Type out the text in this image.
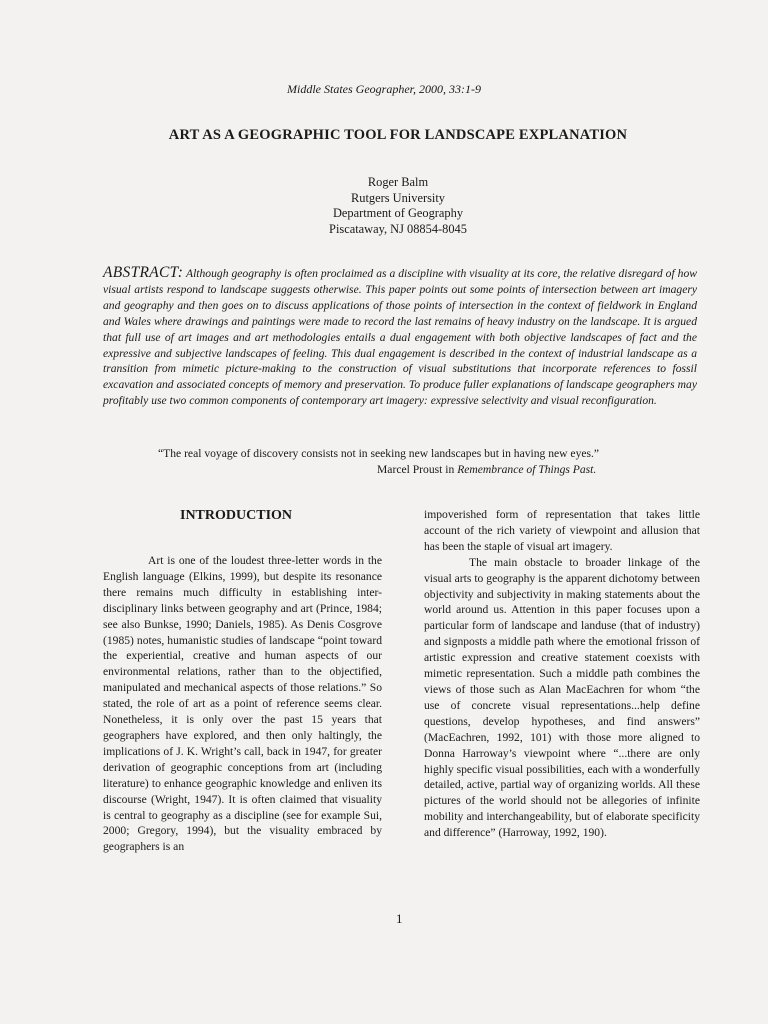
Middle States Geographer, 2000, 33:1-9
ART AS A GEOGRAPHIC TOOL FOR LANDSCAPE EXPLANATION
Roger Balm
Rutgers University
Department of Geography
Piscataway, NJ 08854-8045
ABSTRACT: Although geography is often proclaimed as a discipline with visuality at its core, the relative disregard of how visual artists respond to landscape suggests otherwise. This paper points out some points of intersection between art imagery and geography and then goes on to discuss applications of those points of intersection in the context of fieldwork in England and Wales where drawings and paintings were made to record the last remains of heavy industry on the landscape. It is argued that full use of art images and art methodologies entails a dual engagement with both objective landscapes of fact and the expressive and subjective landscapes of feeling. This dual engagement is described in the context of industrial landscape as a transition from mimetic picture-making to the construction of visual substitutions that incorporate references to fossil excavation and associated concepts of memory and preservation. To produce fuller explanations of landscape geographers may profitably use two common components of contemporary art imagery: expressive selectivity and visual reconfiguration.
“The real voyage of discovery consists not in seeking new landscapes but in having new eyes.”
Marcel Proust in Remembrance of Things Past.
INTRODUCTION

Art is one of the loudest three-letter words in the English language (Elkins, 1999), but despite its resonance there remains much difficulty in establishing inter-disciplinary links between geography and art (Prince, 1984; see also Bunkse, 1990; Daniels, 1985). As Denis Cosgrove (1985) notes, humanistic studies of landscape “point toward the experiential, creative and human aspects of our environmental relations, rather than to the objectified, manipulated and mechanical aspects of those relations.” So stated, the role of art as a point of reference seems clear. Nonetheless, it is only over the past 15 years that geographers have explored, and then only haltingly, the implications of J. K. Wright’s call, back in 1947, for greater derivation of geographic conceptions from art (including literature) to enhance geographic knowledge and enliven its discourse (Wright, 1947). It is often claimed that visuality is central to geography as a discipline (see for example Sui, 2000; Gregory, 1994), but the visuality embraced by geographers is an

impoverished form of representation that takes little account of the rich variety of viewpoint and allusion that has been the staple of visual art imagery.

The main obstacle to broader linkage of the visual arts to geography is the apparent dichotomy between objectivity and subjectivity in making statements about the world around us. Attention in this paper focuses upon a particular form of landscape and landuse (that of industry) and signposts a middle path where the emotional frisson of artistic expression and creative statement coexists with mimetic representation. Such a middle path combines the views of those such as Alan MacEachren for whom “the use of concrete visual representations...help define questions, develop hypotheses, and find answers” (MacEachren, 1992, 101) with those more aligned to Donna Harroway’s viewpoint where “...there are only highly specific visual possibilities, each with a wonderfully detailed, active, partial way of organizing worlds. All these pictures of the world should not be allegories of infinite mobility and interchangeability, but of elaborate specificity and difference” (Harroway, 1992, 190).

1
